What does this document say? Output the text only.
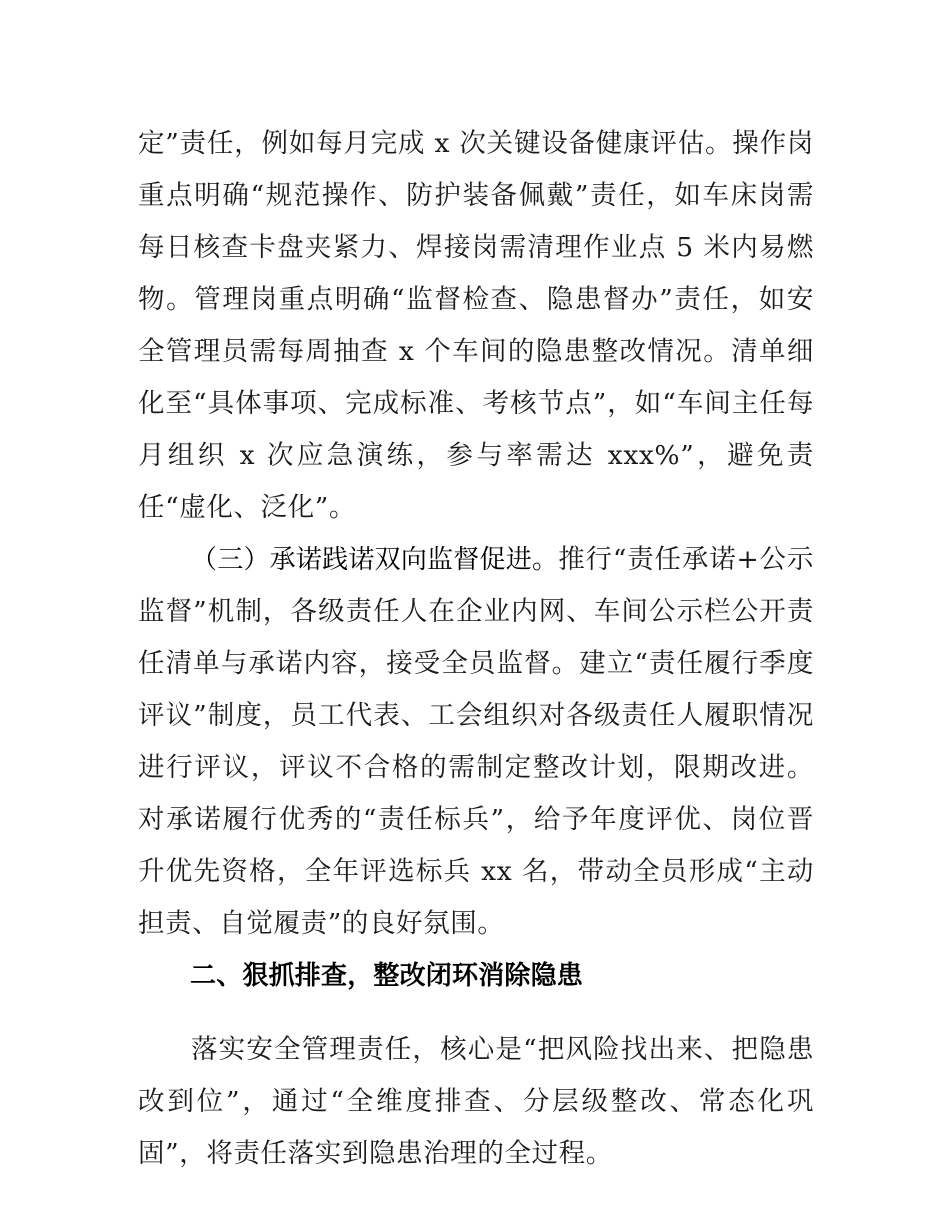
定”责任，例如每月完成 x 次关键设备健康评估。操作岗重点明确“规范操作、防护装备佩戴”责任，如车床岗需每日核查卡盘夹紧力、焊接岗需清理作业点 5 米内易燃物。管理岗重点明确“监督检查、隐患督办”责任，如安全管理员需每周抽查 x 个车间的隐患整改情况。清单细化至“具体事项、完成标准、考核节点”，如“车间主任每月组织 x 次应急演练，参与率需达 xxx%”，避免责任“虚化、泛化”。

（三）承诺践诺双向监督促进。推行“责任承诺+公示监督”机制，各级责任人在企业内网、车间公示栏公开责任清单与承诺内容，接受全员监督。建立“责任履行季度评议”制度，员工代表、工会组织对各级责任人履职情况进行评议，评议不合格的需制定整改计划，限期改进。对承诺履行优秀的“责任标兵”，给予年度评优、岗位晋升优先资格，全年评选标兵 xx 名，带动全员形成“主动担责、自觉履责”的良好氛围。

二、狠抓排查，整改闭环消除隐患

落实安全管理责任，核心是“把风险找出来、把隐患改到位”，通过“全维度排查、分层级整改、常态化巩固”，将责任落实到隐患治理的全过程。
